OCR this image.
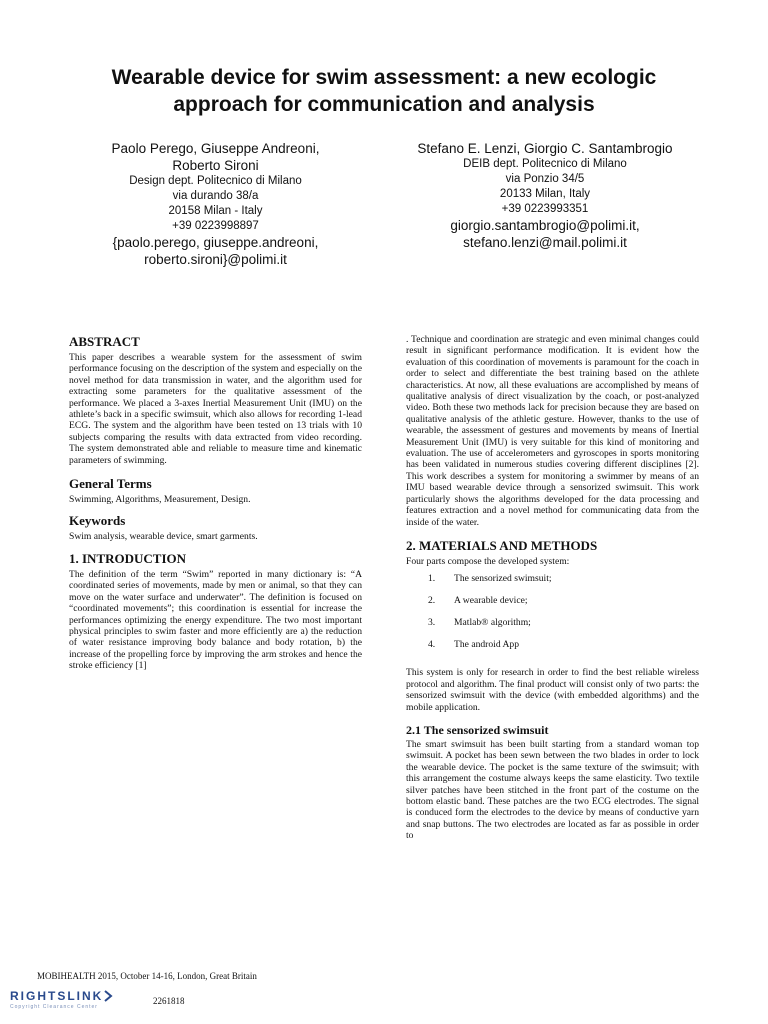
Wearable device for swim assessment: a new ecologic
approach for communication and analysis
Paolo Perego, Giuseppe Andreoni,
Roberto Sironi
Design dept. Politecnico di Milano
via durando 38/a
20158 Milan - Italy
+39 0223998897
{paolo.perego, giuseppe.andreoni,
roberto.sironi}@polimi.it
Stefano E. Lenzi, Giorgio C. Santambrogio
DEIB dept. Politecnico di Milano
via Ponzio 34/5
20133 Milan, Italy
+39 0223993351
giorgio.santambrogio@polimi.it,
stefano.lenzi@mail.polimi.it
ABSTRACT

This paper describes a wearable system for the assessment of swim performance focusing on the description of the system and especially on the novel method for data transmission in water, and the algorithm used for extracting some parameters for the qualitative assessment of the performance. We placed a 3-axes Inertial Measurement Unit (IMU) on the athlete’s back in a specific swimsuit, which also allows for recording 1-lead ECG. The system and the algorithm have been tested on 13 trials with 10 subjects comparing the results with data extracted from video recording. The system demonstrated able and reliable to measure time and kinematic parameters of swimming.

General Terms

Swimming, Algorithms, Measurement, Design.

Keywords

Swim analysis, wearable device, smart garments.

1. INTRODUCTION

The definition of the term “Swim” reported in many dictionary is: “A coordinated series of movements, made by men or animal, so that they can move on the water surface and underwater”. The definition is focused on “coordinated movements”; this coordination is essential for increase the performances optimizing the energy expenditure. The two most important physical principles to swim faster and more efficiently are a) the reduction of water resistance improving body balance and body rotation, b) the increase of the propelling force by improving the arm strokes and hence the stroke efficiency [1]

. Technique and coordination are strategic and even minimal changes could result in significant performance modification. It is evident how the evaluation of this coordination of movements is paramount for the coach in order to select and differentiate the best training based on the athlete characteristics. At now, all these evaluations are accomplished by means of qualitative analysis of direct visualization by the coach, or post-analyzed video. Both these two methods lack for precision because they are based on qualitative analysis of the athletic gesture. However, thanks to the use of wearable, the assessment of gestures and movements by means of Inertial Measurement Unit (IMU) is very suitable for this kind of monitoring and evaluation. The use of accelerometers and gyroscopes in sports monitoring has been validated in numerous studies covering different disciplines [2]. This work describes a system for monitoring a swimmer by means of an IMU based wearable device through a sensorized swimsuit. This work particularly shows the algorithms developed for the data processing and features extraction and a novel method for communicating data from the inside of the water.

2. MATERIALS AND METHODS

Four parts compose the developed system:

1.	The sensorized swimsuit;
2.	A wearable device;
3.	Matlab® algorithm;
4.	The android App

This system is only for research in order to find the best reliable wireless protocol and algorithm. The final product will consist only of two parts: the sensorized swimsuit with the device (with embedded algorithms) and the mobile application.

2.1 The sensorized swimsuit

The smart swimsuit has been built starting from a standard woman top swimsuit. A pocket has been sewn between the two blades in order to lock the wearable device. The pocket is the same texture of the swimsuit; with this arrangement the costume always keeps the same elasticity. Two textile silver patches have been stitched in the front part of the costume on the bottom elastic band. These patches are the two ECG electrodes. The signal is conduced form the electrodes to the device by means of conductive yarn and snap buttons. The two electrodes are located as far as possible in order to

MOBIHEALTH 2015, October 14-16, London, Great Britain
RIGHTSLINK
Copyright Clearance Center
2261818
